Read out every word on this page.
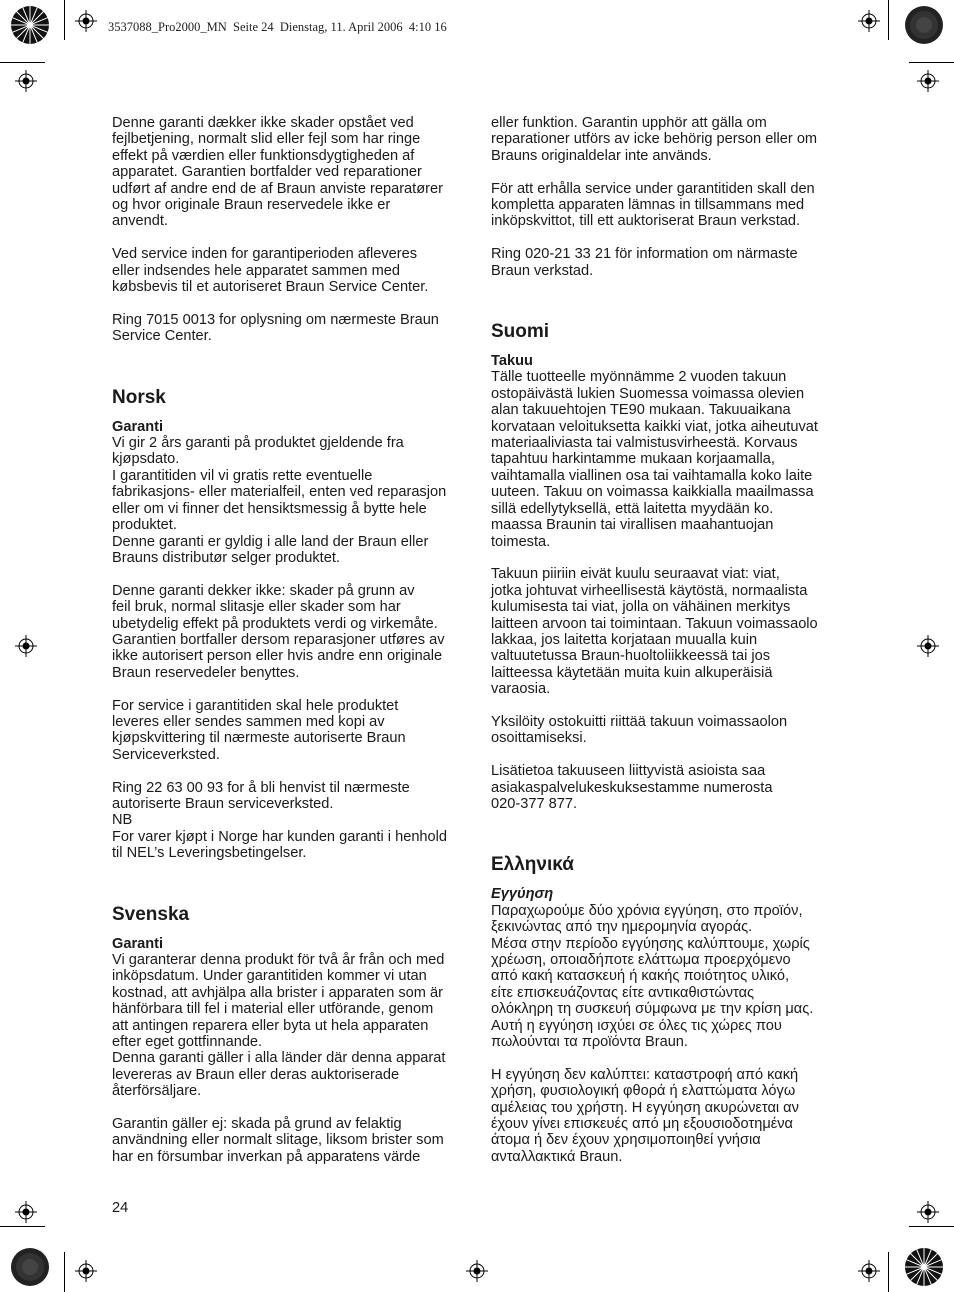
3537088_Pro2000_MN  Seite 24  Dienstag, 11. April 2006  4:10 16

Denne garanti dækker ikke skader opstået ved
fejlbetjening, normalt slid eller fejl som har ringe
effekt på værdien eller funktionsdygtigheden af
apparatet. Garantien bortfalder ved reparationer
udført af andre end de af Braun anviste reparatører
og hvor originale Braun reservedele ikke er
anvendt.

Ved service inden for garantiperioden afleveres
eller indsendes hele apparatet sammen med
købsbevis til et autoriseret Braun Service Center.

Ring 7015 0013 for oplysning om nærmeste Braun
Service Center.

Norsk

Garanti

Vi gir 2 års garanti på produktet gjeldende fra
kjøpsdato.
I garantitiden vil vi gratis rette eventuelle
fabrikasjons- eller materialfeil, enten ved reparasjon
eller om vi finner det hensiktsmessig å bytte hele
produktet.
Denne garanti er gyldig i alle land der Braun eller
Brauns distributør selger produktet.

Denne garanti dekker ikke: skader på grunn av
feil bruk, normal slitasje eller skader som har
ubetydelig effekt på produktets verdi og virkemåte.
Garantien bortfaller dersom reparasjoner utføres av
ikke autorisert person eller hvis andre enn originale
Braun reservedeler benyttes.

For service i garantitiden skal hele produktet
leveres eller sendes sammen med kopi av
kjøpskvittering til nærmeste autoriserte Braun
Serviceverksted.

Ring 22 63 00 93 for å bli henvist til nærmeste
autoriserte Braun serviceverksted.
NB
For varer kjøpt i Norge har kunden garanti i henhold
til NEL’s Leveringsbetingelser.

Svenska

Garanti

Vi garanterar denna produkt för två år från och med
inköpsdatum. Under garantitiden kommer vi utan
kostnad, att avhjälpa alla brister i apparaten som är
hänförbara till fel i material eller utförande, genom
att antingen reparera eller byta ut hela apparaten
efter eget gottfinnande.
Denna garanti gäller i alla länder där denna apparat
levereras av Braun eller deras auktoriserade
återförsäljare.

Garantin gäller ej: skada på grund av felaktig
användning eller normalt slitage, liksom brister som
har en försumbar inverkan på apparatens värde

eller funktion. Garantin upphör att gälla om
reparationer utförs av icke behörig person eller om
Brauns originaldelar inte används.

För att erhålla service under garantitiden skall den
kompletta apparaten lämnas in tillsammans med
inköpskvittot, till ett auktoriserat Braun verkstad.

Ring 020-21 33 21 för information om närmaste
Braun verkstad.

Suomi

Takuu

Tälle tuotteelle myönnämme 2 vuoden takuun
ostopäivästä lukien Suomessa voimassa olevien
alan takuuehtojen TE90 mukaan. Takuuaikana
korvataan veloituksetta kaikki viat, jotka aiheutuvat
materiaaliviasta tai valmistusvirheestä. Korvaus
tapahtuu harkintamme mukaan korjaamalla,
vaihtamalla viallinen osa tai vaihtamalla koko laite
uuteen. Takuu on voimassa kaikkialla maailmassa
sillä edellytyksellä, että laitetta myydään ko.
maassa Braunin tai virallisen maahantuojan
toimesta.

Takuun piiriin eivät kuulu seuraavat viat: viat,
jotka johtuvat virheellisestä käytöstä, normaalista
kulumisesta tai viat, jolla on vähäinen merkitys
laitteen arvoon tai toimintaan. Takuun voimassaolo
lakkaa, jos laitetta korjataan muualla kuin
valtuutetussa Braun-huoltoliikkeessä tai jos
laitteessa käytetään muita kuin alkuperäisiä
varaosia.

Yksilöity ostokuitti riittää takuun voimassaolon
osoittamiseksi.

Lisätietoa takuuseen liittyvistä asioista saa
asiakaspalvelukeskuksestamme numerosta
020-377 877.

Ελληνικά

Εγγύηση

Παραχωρούμε δύο χρόνια εγγύηση, στο προϊόν,
ξεκινώντας από την ημερομηνία αγοράς.
Μέσα στην περίοδο εγγύησης καλύπτουμε, χωρίς
χρέωση, οποιαδήποτε ελάττωμα προερχόμενο
από κακή κατασκευή ή κακής ποιότητος υλικό,
είτε επισκευάζοντας είτε αντικαθιστώντας
ολόκληρη τη συσκευή σύμφωνα με την κρίση μας.
Αυτή η εγγύηση ισχύει σε όλες τις χώρες που
πωλούνται τα προϊόντα Braun.

Η εγγύηση δεν καλύπτει: καταστροφή από κακή
χρήση, φυσιολογική φθορά ή ελαττώματα λόγω
αμέλειας του χρήστη. Η εγγύηση ακυρώνεται αν
έχουν γίνει επισκευές από μη εξουσιοδοτημένα
άτομα ή δεν έχουν χρησιμοποιηθεί γνήσια
ανταλλακτικά Braun.

24
